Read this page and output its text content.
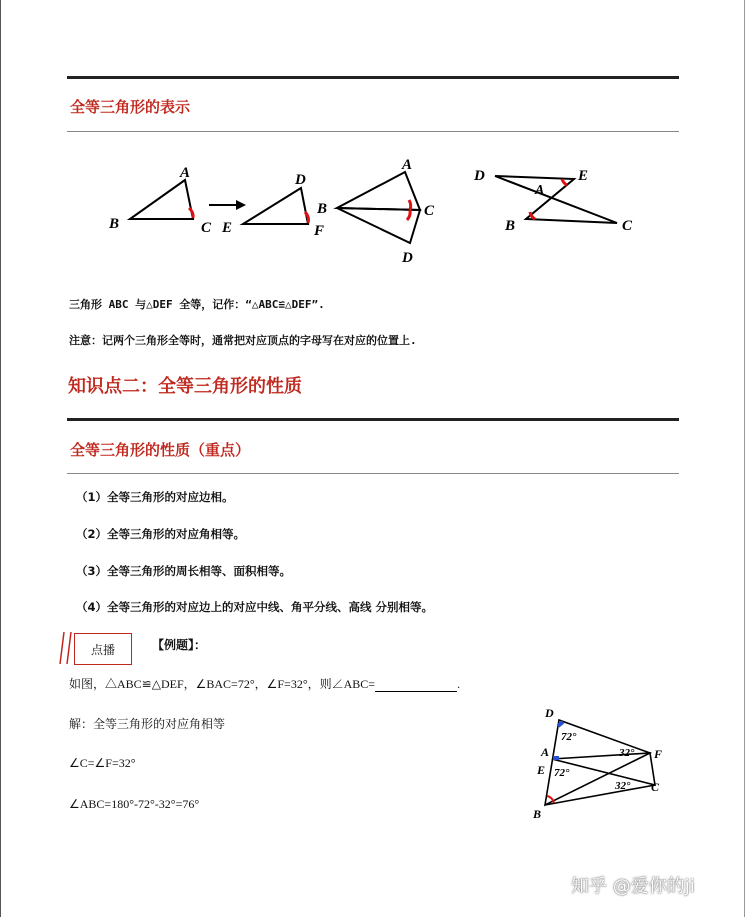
全等三角形的表示
A
B	C
D
E	F
A
B	C
D
D	E
A
B	C
三角形 ABC 与△DEF 全等，记作：“△ABC≌△DEF”.
注意：记两个三角形全等时，通常把对应顶点的字母写在对应的位置上.
知识点二：全等三角形的性质
全等三角形的性质（重点）
（1）全等三角形的对应边相。
（2）全等三角形的对应角相等。
（3）全等三角形的周长相等、面积相等。
（4）全等三角形的对应边上的对应中线、角平分线、高线 分别相等。
点播	【例题】：
如图，△ABC≌△DEF，∠BAC=72°，∠F=32°，则∠ABC=	.
解：全等三角形的对应角相等
∠C=∠F=32°
∠ABC=180°-72°-32°=76°
D
A
E
B
F
C
72°
32°
72°
32°
知乎 @爱你的ji
